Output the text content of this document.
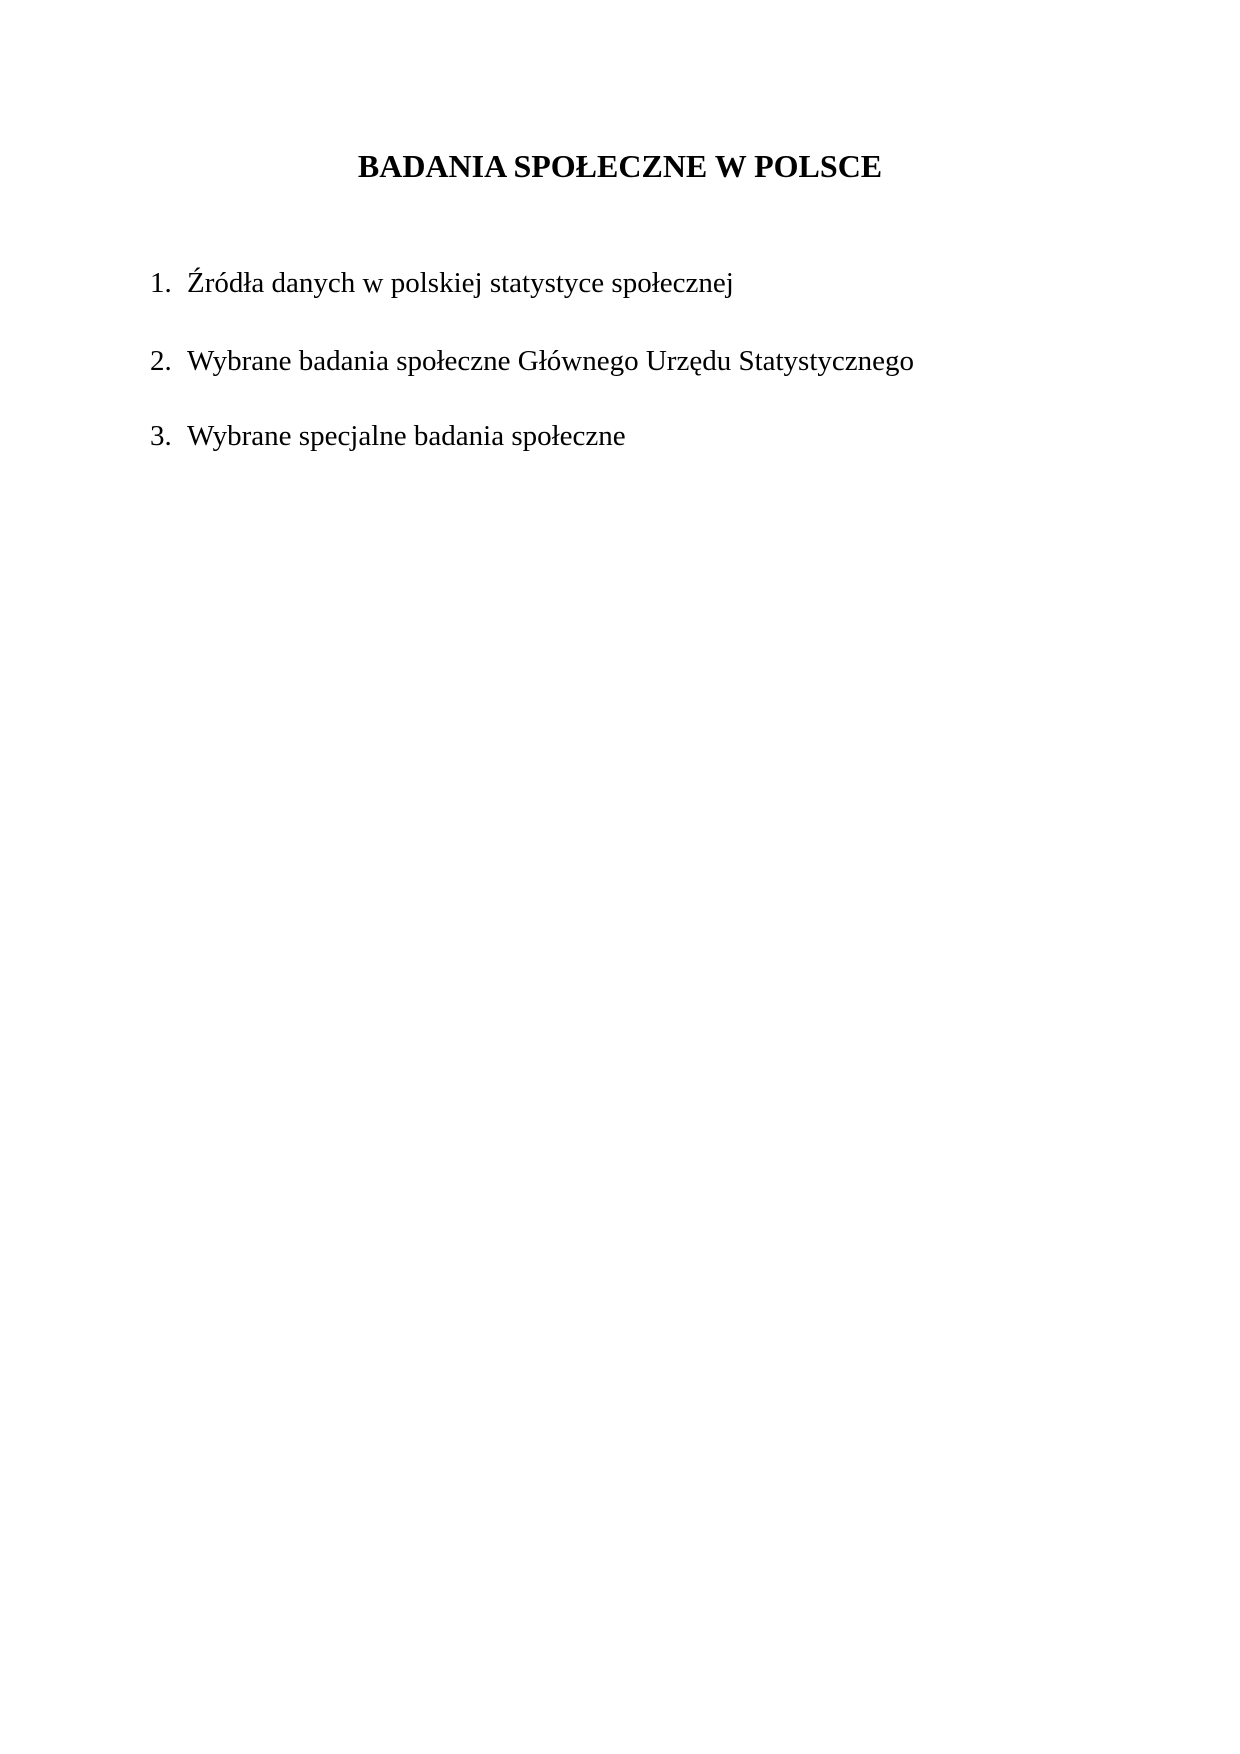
BADANIA SPOŁECZNE W POLSCE
1. Źródła danych w polskiej statystyce społecznej
2. Wybrane badania społeczne Głównego Urzędu Statystycznego
3. Wybrane specjalne badania społeczne
